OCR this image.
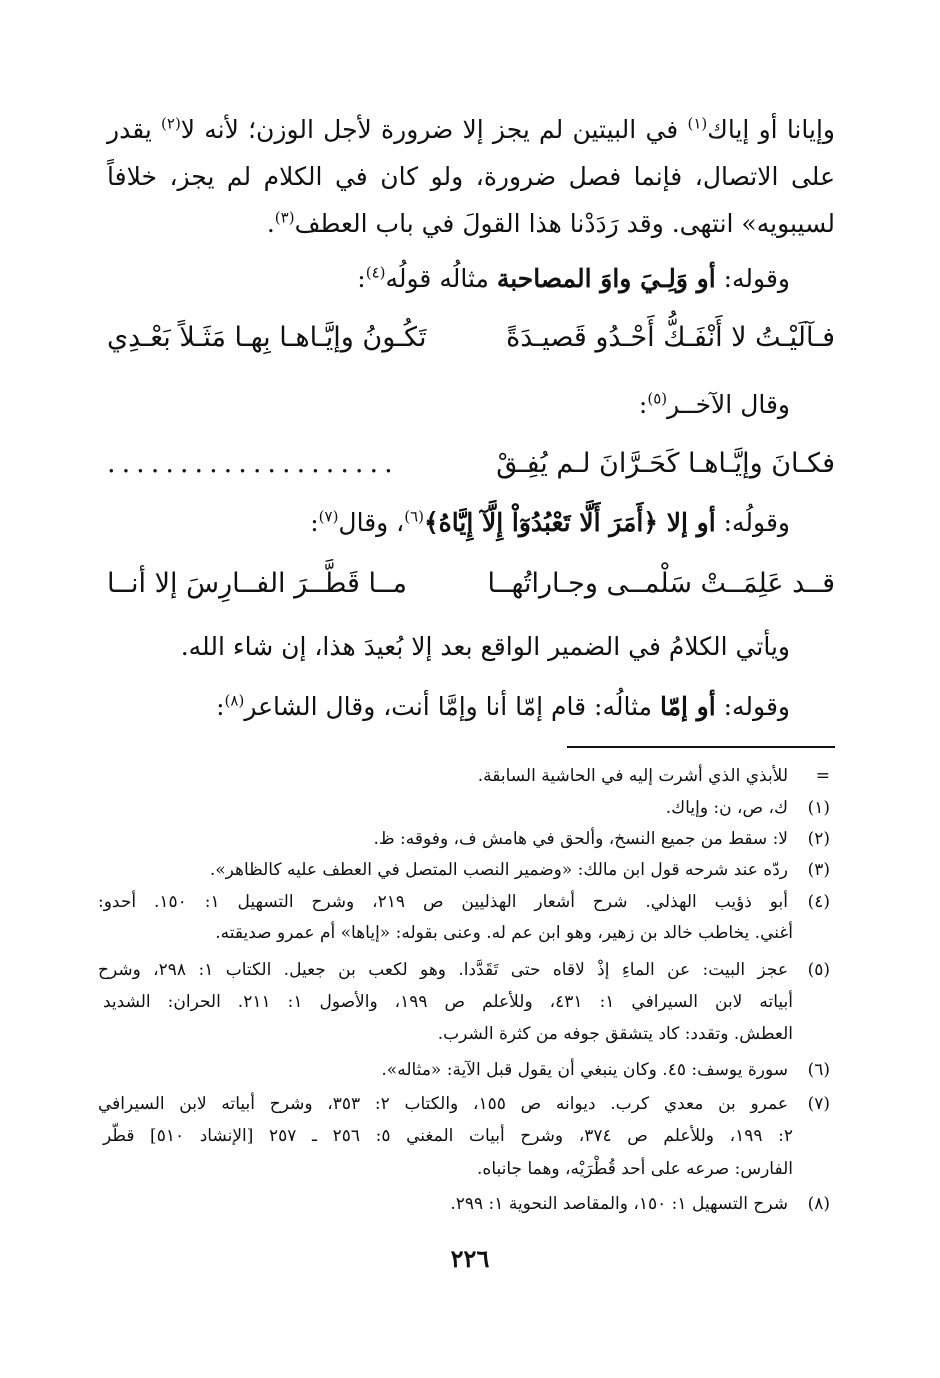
وإيانا أو إياك$^{(١)}$ في البيتين لم يجز إلا ضرورة لأجل الوزن؛ لأنه لا$^{(٢)}$ يقدر

على الاتصال، فإنما فصل ضرورة، ولو كان في الكلام لم يجز، خلافاً

لسيبويه» انتهى. وقد رَدَدْنا هذا القولَ في باب العطف$^{(٣)}$.

وقوله: أو وَلِـيَ واوَ المصاحبة مثالُه قولُه$^{(٤)}$:

فـآلَيْـتُ لا أَنْفَـكُّ أَحْـدُو قَصيـدَةً
تَكُـونُ وإيَّـاهـا بِهـا مَثَـلاً بَعْـدِي

وقال الآخــر$^{(٥)}$:

فكـانَ وإيَّـاهـا كَحَـرَّانَ لـم يُفِـقْ
....................

وقولُه: أو إلا ﴿أَمَرَ أَلَّا تَعْبُدُوٓاْ إِلَّآ إِيَّاهُ﴾$^{(٦)}$، وقال$^{(٧)}$:

قــد عَلِمَــتْ سَلْمــى وجـاراتُهــا
مــا قَطَّــرَ الفــارِسَ إلا أنــا

ويأتي الكلامُ في الضمير الواقع بعد إلا بُعيدَ هذا، إن شاء الله.

وقوله: أو إمّا مثالُه: قام إمّا أنا وإمَّا أنت، وقال الشاعر$^{(٨)}$:

=
للأبذي الذي أشرت إليه في الحاشية السابقة.
(١)
ك، ص، ن: وإياك.
(٢)
لا: سقط من جميع النسخ، وألحق في هامش ف، وفوقه: ظ.
(٣)
ردّه عند شرحه قول ابن مالك: «وضمير النصب المتصل في العطف عليه كالظاهر».
(٤)
أبو ذؤيب الهذلي. شرح أشعار الهذليين ص ٢١٩، وشرح التسهيل ١: ١٥٠. أحدو:
أغني. يخاطب خالد بن زهير، وهو ابن عم له. وعنى بقوله: «إياها» أم عمرو صديقته.
(٥)
عجز البيت: عن الماءِ إذْ لاقاه حتى تَقَدَّدا. وهو لكعب بن جعيل. الكتاب ١: ٢٩٨، وشرح
أبياته لابن السيرافي ١: ٤٣١، وللأعلم ص ١٩٩، والأصول ١: ٢١١. الحران: الشديد
العطش. وتقدد: كاد يتشقق جوفه من كثرة الشرب.
(٦)
سورة يوسف: ٤٥. وكان ينبغي أن يقول قبل الآية: «مثاله».
(٧)
عمرو بن معدي كرب. ديوانه ص ١٥٥، والكتاب ٢: ٣٥٣، وشرح أبياته لابن السيرافي
٢: ١٩٩، وللأعلم ص ٣٧٤، وشرح أبيات المغني ٥: ٢٥٦ ـ ٢٥٧ [الإنشاد ٥١٠] قطّر
الفارس: صرعه على أحد قُطْرَيْه، وهما جانباه.
(٨)
شرح التسهيل ١: ١٥٠، والمقاصد النحوية ١: ٢٩٩.
٢٢٦
